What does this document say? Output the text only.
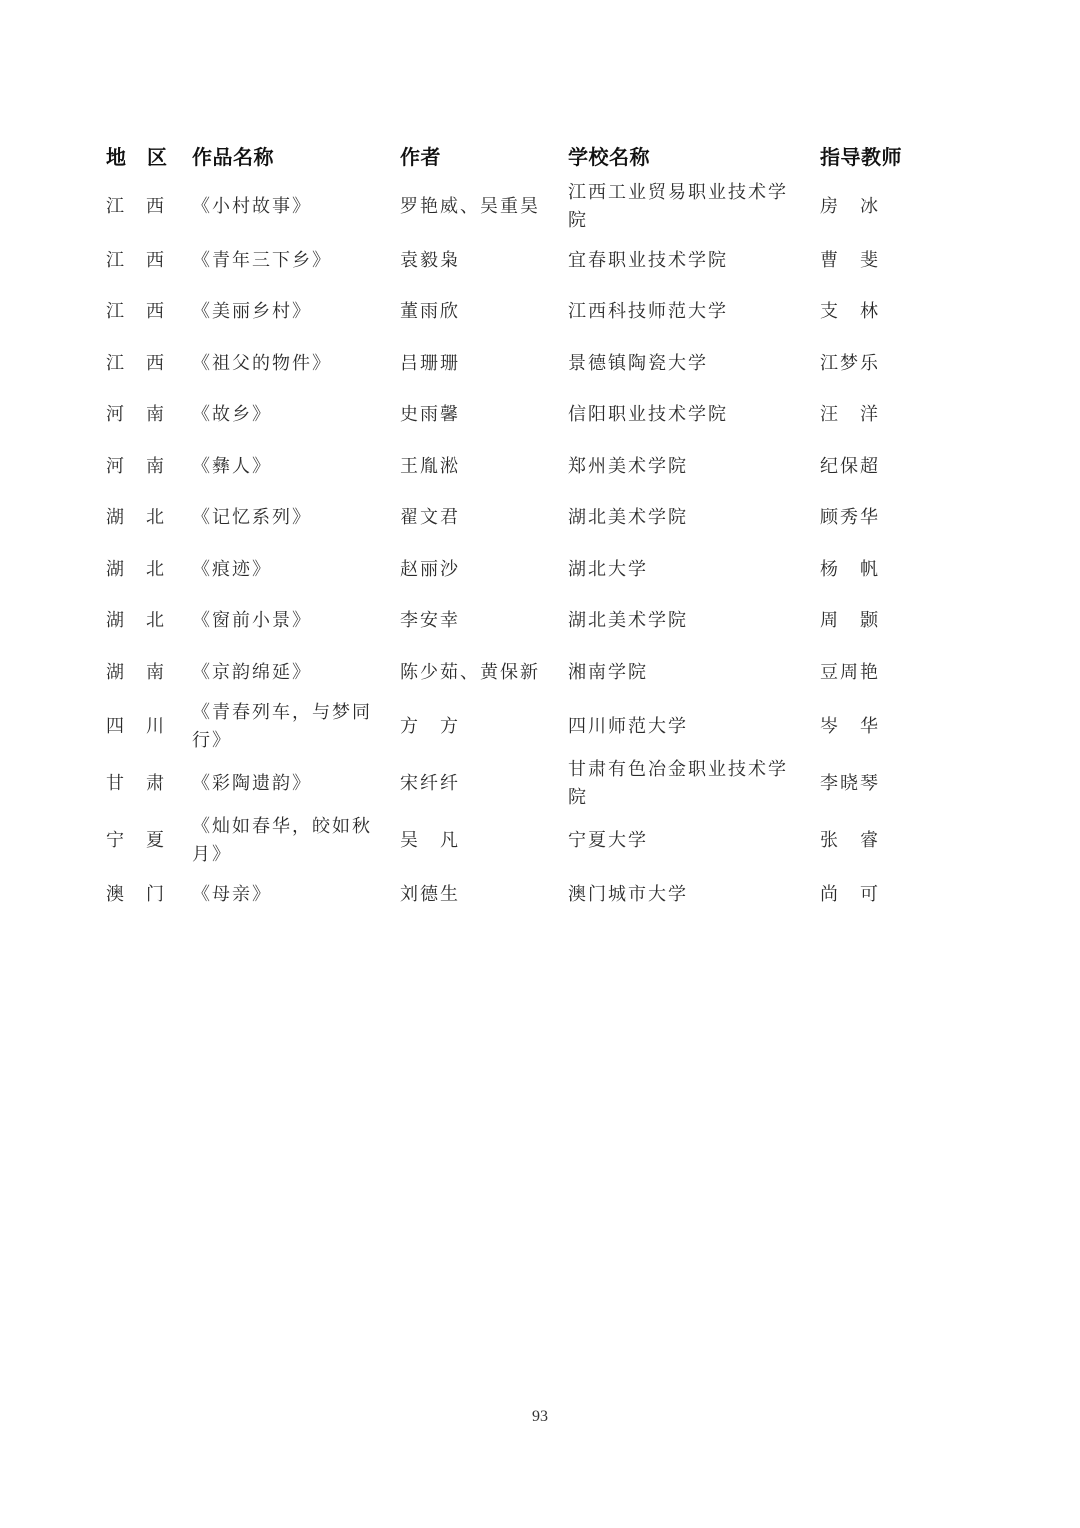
地　区	作品名称	作者	学校名称	指导教师
江　西	《小村故事》	罗艳威、吴重昊	江西工业贸易职业技术学院	房　冰
江　西	《青年三下乡》	袁毅枭	宜春职业技术学院	曹　斐
江　西	《美丽乡村》	董雨欣	江西科技师范大学	支　林
江　西	《祖父的物件》	吕珊珊	景德镇陶瓷大学	江梦乐
河　南	《故乡》	史雨馨	信阳职业技术学院	汪　洋
河　南	《彝人》	王胤淞	郑州美术学院	纪保超
湖　北	《记忆系列》	翟文君	湖北美术学院	顾秀华
湖　北	《痕迹》	赵丽沙	湖北大学	杨　帆
湖　北	《窗前小景》	李安幸	湖北美术学院	周　颢
湖　南	《京韵绵延》	陈少茹、黄保新	湘南学院	豆周艳
四　川	《青春列车，与梦同行》	方　方	四川师范大学	岑　华
甘　肃	《彩陶遗韵》	宋纤纤	甘肃有色冶金职业技术学院	李晓琴
宁　夏	《灿如春华，皎如秋月》	吴　凡	宁夏大学	张　睿
澳　门	《母亲》	刘德生	澳门城市大学	尚　可
93
